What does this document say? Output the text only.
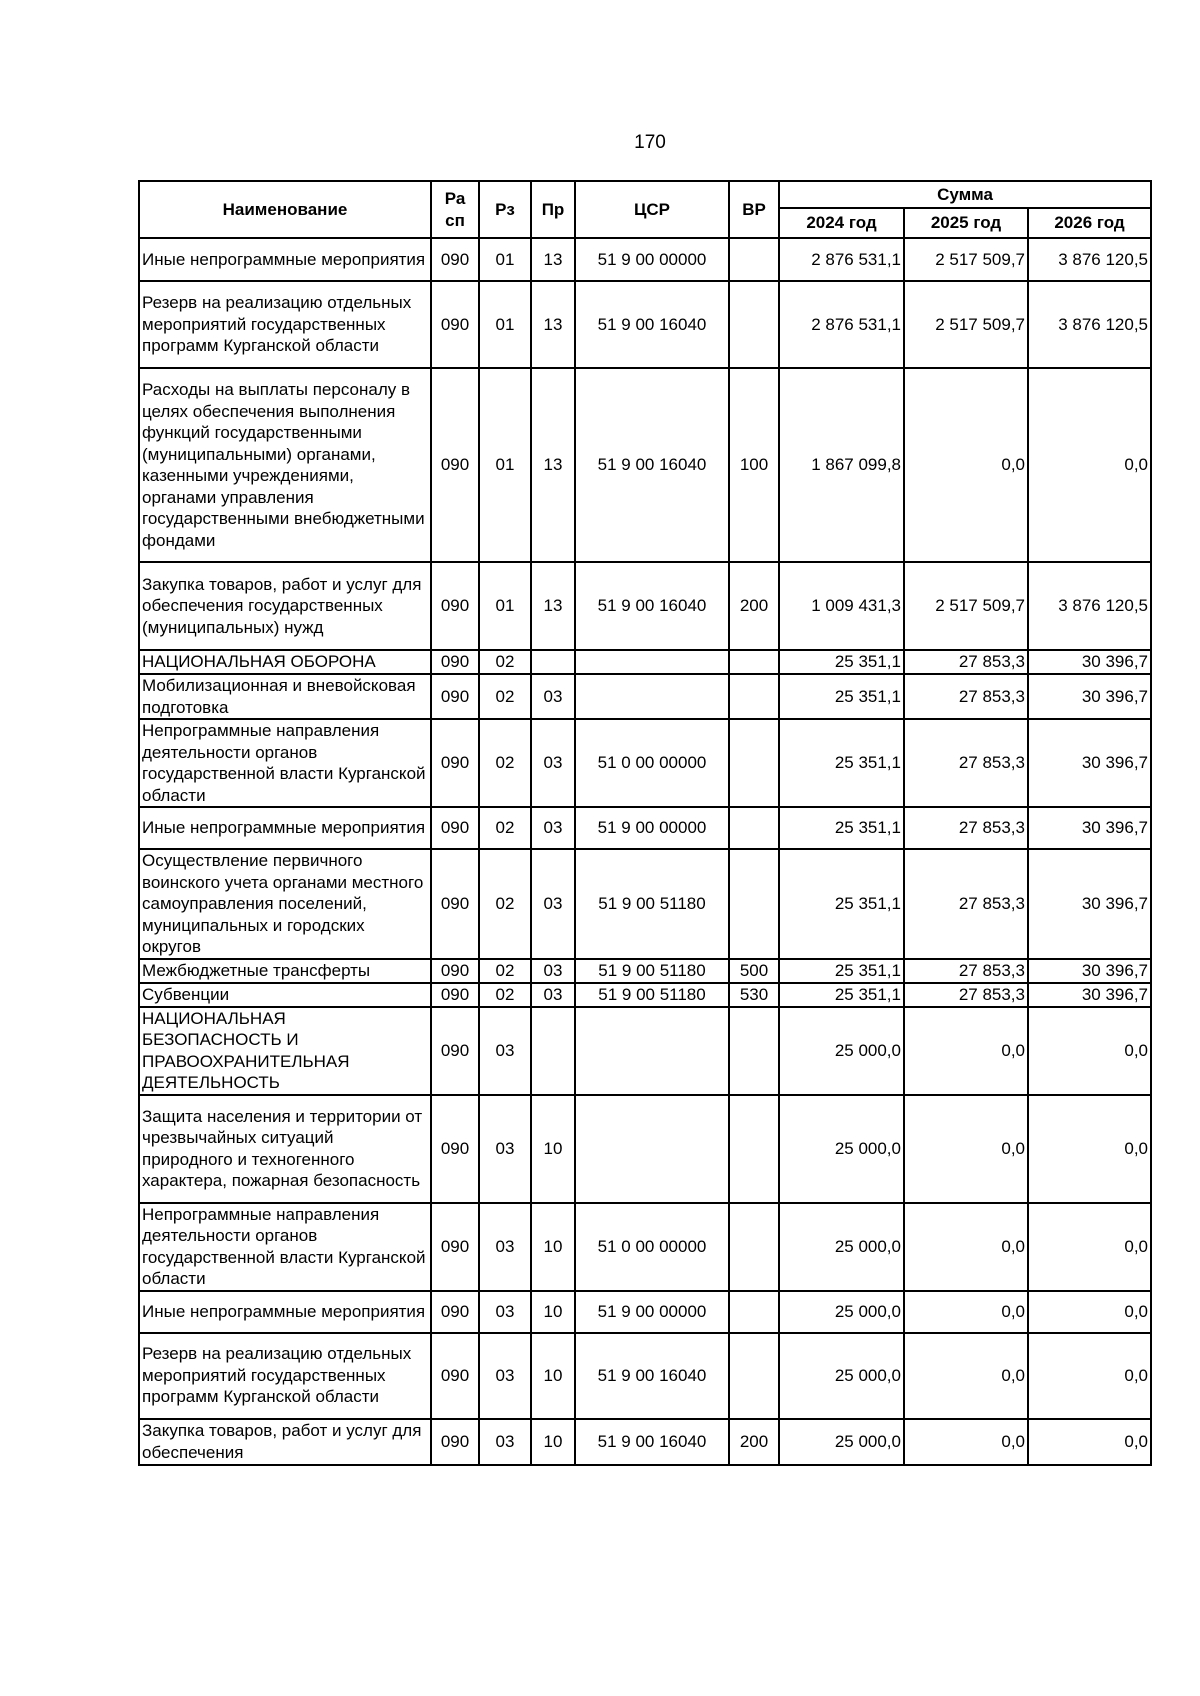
170
Наименование	Ра сп	Рз	Пр	ЦСР	ВР	Сумма		
						2024 год	2025 год	2026 год
Иные непрограммные мероприятия	090	01	13	51 9 00 00000		2 876 531,1	2 517 509,7	3 876 120,5
Резерв на реализацию отдельных мероприятий государственных программ Курганской области	090	01	13	51 9 00 16040		2 876 531,1	2 517 509,7	3 876 120,5
Расходы на выплаты персоналу в целях обеспечения выполнения функций государственными (муниципальными) органами, казенными учреждениями, органами управления государственными внебюджетными фондами	090	01	13	51 9 00 16040	100	1 867 099,8	0,0	0,0
Закупка товаров, работ и услуг для обеспечения государственных (муниципальных) нужд	090	01	13	51 9 00 16040	200	1 009 431,3	2 517 509,7	3 876 120,5
НАЦИОНАЛЬНАЯ ОБОРОНА	090	02				25 351,1	27 853,3	30 396,7
Мобилизационная и вневойсковая подготовка	090	02	03			25 351,1	27 853,3	30 396,7
Непрограммные направления деятельности органов государственной власти Курганской области	090	02	03	51 0 00 00000		25 351,1	27 853,3	30 396,7
Иные непрограммные мероприятия	090	02	03	51 9 00 00000		25 351,1	27 853,3	30 396,7
Осуществление первичного воинского учета органами местного самоуправления поселений, муниципальных и городских округов	090	02	03	51 9 00 51180		25 351,1	27 853,3	30 396,7
Межбюджетные трансферты	090	02	03	51 9 00 51180	500	25 351,1	27 853,3	30 396,7
Субвенции	090	02	03	51 9 00 51180	530	25 351,1	27 853,3	30 396,7
НАЦИОНАЛЬНАЯ БЕЗОПАСНОСТЬ И ПРАВООХРАНИТЕЛЬНАЯ ДЕЯТЕЛЬНОСТЬ	090	03				25 000,0	0,0	0,0
Защита населения и территории от чрезвычайных ситуаций природного и техногенного характера, пожарная безопасность	090	03	10			25 000,0	0,0	0,0
Непрограммные направления деятельности органов государственной власти Курганской области	090	03	10	51 0 00 00000		25 000,0	0,0	0,0
Иные непрограммные мероприятия	090	03	10	51 9 00 00000		25 000,0	0,0	0,0
Резерв на реализацию отдельных мероприятий государственных программ Курганской области	090	03	10	51 9 00 16040		25 000,0	0,0	0,0
Закупка товаров, работ и услуг для обеспечения	090	03	10	51 9 00 16040	200	25 000,0	0,0	0,0
